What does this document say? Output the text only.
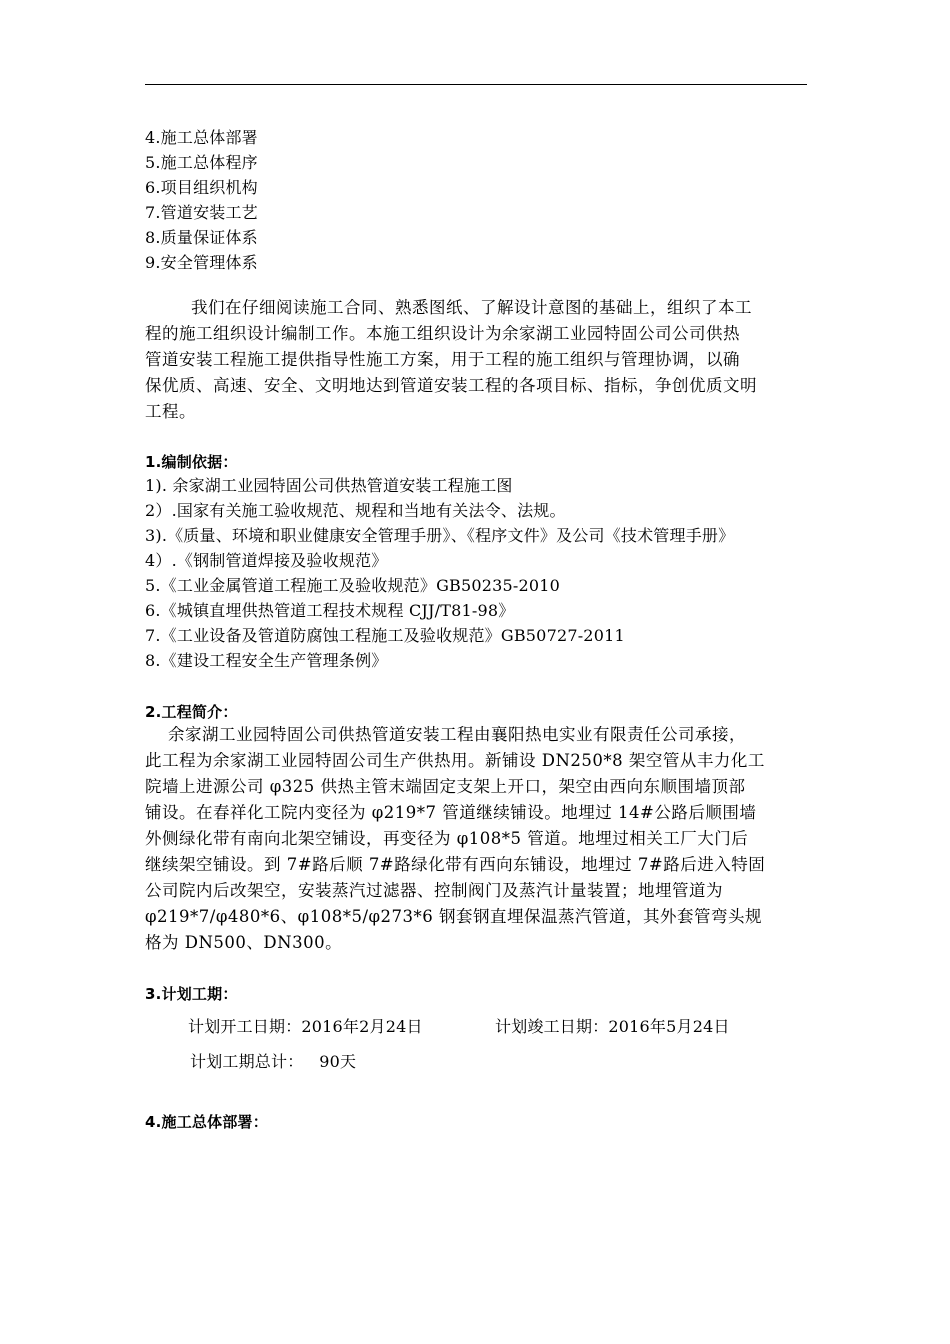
4.施工总体部署
5.施工总体程序
6.项目组织机构
7.管道安装工艺
8.质量保证体系
9.安全管理体系
我们在仔细阅读施工合同、熟悉图纸、了解设计意图的基础上，组织了本工
程的施工组织设计编制工作。本施工组织设计为余家湖工业园特固公司公司供热
管道安装工程施工提供指导性施工方案，用于工程的施工组织与管理协调，以确
保优质、高速、安全、文明地达到管道安装工程的各项目标、指标，争创优质文明
工程。
1.编制依据：
1). 余家湖工业园特固公司供热管道安装工程施工图
2）.国家有关施工验收规范、规程和当地有关法令、法规。
3).《质量、环境和职业健康安全管理手册》、《程序文件》及公司《技术管理手册》
4）.《钢制管道焊接及验收规范》
5.《工业金属管道工程施工及验收规范》GB50235-2010
6.《城镇直埋供热管道工程技术规程 CJJ/T81-98》
7.《工业设备及管道防腐蚀工程施工及验收规范》GB50727-2011
8.《建设工程安全生产管理条例》
2.工程简介：
余家湖工业园特固公司供热管道安装工程由襄阳热电实业有限责任公司承接，
此工程为余家湖工业园特固公司生产供热用。新铺设 DN250*8 架空管从丰力化工
院墙上进源公司 φ325 供热主管末端固定支架上开口，架空由西向东顺围墙顶部
铺设。在春祥化工院内变径为 φ219*7 管道继续铺设。地埋过 14#公路后顺围墙
外侧绿化带有南向北架空铺设，再变径为 φ108*5 管道。地埋过相关工厂大门后
继续架空铺设。到 7#路后顺 7#路绿化带有西向东铺设，地埋过 7#路后进入特固
公司院内后改架空，安装蒸汽过滤器、控制阀门及蒸汽计量装置；地埋管道为
φ219*7/φ480*6、φ108*5/φ273*6 钢套钢直埋保温蒸汽管道，其外套管弯头规
格为 DN500、DN300。
3.计划工期：
计划开工日期：2016年2月24日	计划竣工日期：2016年5月24日
计划工期总计：   90天
4.施工总体部署：
